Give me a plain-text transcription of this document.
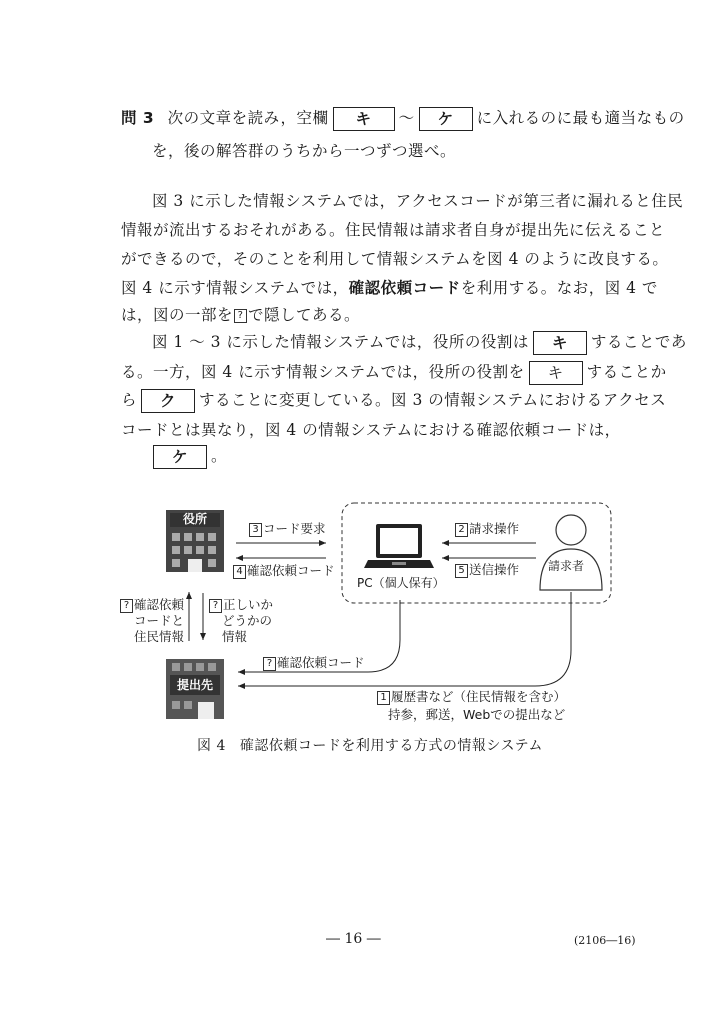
問 3 次の文章を読み，空欄 キ ～ ケ に入れるのに最も適当なもの
を，後の解答群のうちから一つずつ選べ。
図 3 に示した情報システムでは，アクセスコードが第三者に漏れると住民
情報が流出するおそれがある。住民情報は請求者自身が提出先に伝えること
ができるので，そのことを利用して情報システムを図 4 のように改良する。
図 4 に示す情報システムでは，確認依頼コードを利用する。なお，図 4 で
は，図の一部を ? で隠してある。
図 1 ～ 3 に示した情報システムでは，役所の役割は キ することであ
る。一方，図 4 に示す情報システムでは，役所の役割を キ することか
ら ク することに変更している。図 3 の情報システムにおけるアクセス
コードとは異なり，図 4 の情報システムにおける確認依頼コードは，
ケ 。
役所
提出先
3 コード要求
4 確認依頼コード
2 請求操作
5 送信操作 請求者
PC（個人保有）
? 確認依頼
コードと
住民情報
? 正しいか
どうかの
情報
? 確認依頼コード
1 履歴書など（住民情報を含む）
持参，郵送，Webでの提出など
図 4 確認依頼コードを利用する方式の情報システム
― 16 ―	(2106―16)
